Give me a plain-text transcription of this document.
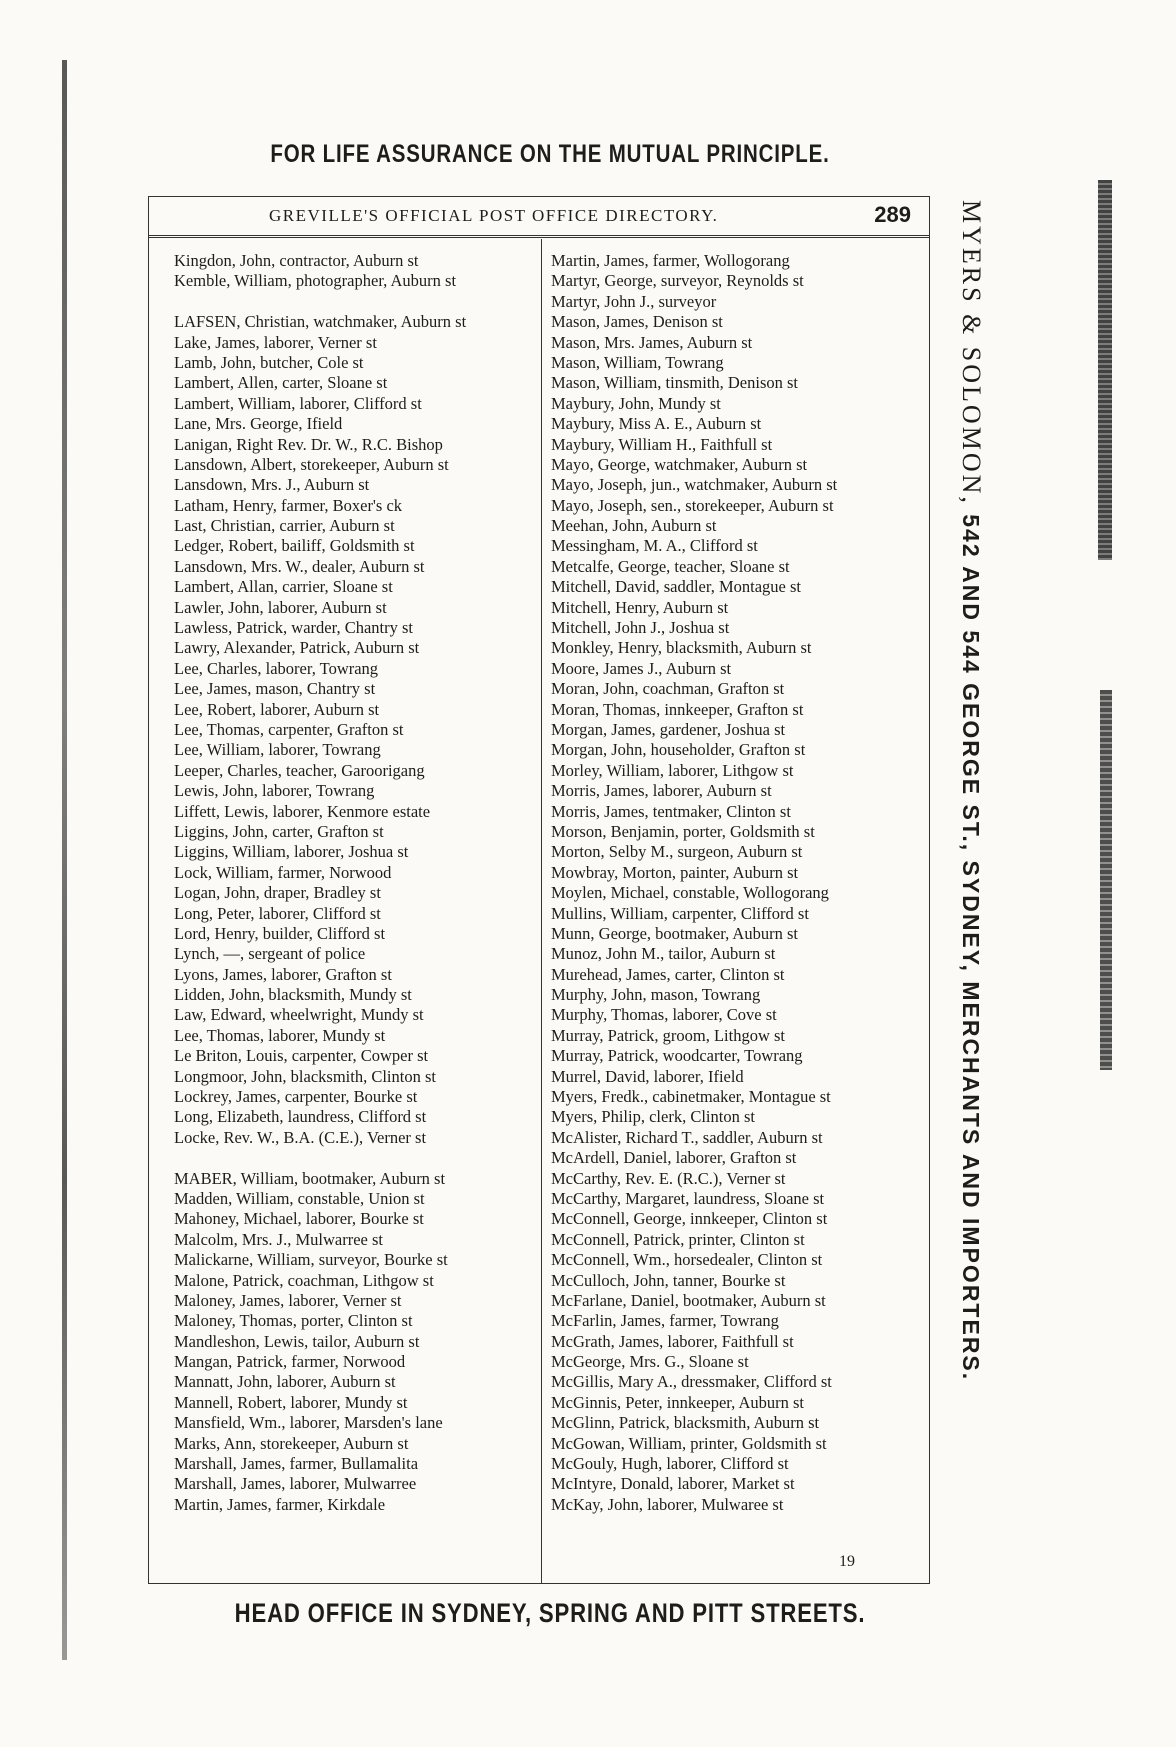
FOR LIFE ASSURANCE ON THE MUTUAL PRINCIPLE.
GREVILLE'S OFFICIAL POST OFFICE DIRECTORY.	289
Kingdon, John, contractor, Auburn st
Kemble, William, photographer, Auburn st
LAFSEN, Christian, watchmaker, Auburn st
Lake, James, laborer, Verner st
Lamb, John, butcher, Cole st
Lambert, Allen, carter, Sloane st
Lambert, William, laborer, Clifford st
Lane, Mrs. George, Ifield
Lanigan, Right Rev. Dr. W., R.C. Bishop
Lansdown, Albert, storekeeper, Auburn st
Lansdown, Mrs. J., Auburn st
Latham, Henry, farmer, Boxer's ck
Last, Christian, carrier, Auburn st
Ledger, Robert, bailiff, Goldsmith st
Lansdown, Mrs. W., dealer, Auburn st
Lambert, Allan, carrier, Sloane st
Lawler, John, laborer, Auburn st
Lawless, Patrick, warder, Chantry st
Lawry, Alexander, Patrick, Auburn st
Lee, Charles, laborer, Towrang
Lee, James, mason, Chantry st
Lee, Robert, laborer, Auburn st
Lee, Thomas, carpenter, Grafton st
Lee, William, laborer, Towrang
Leeper, Charles, teacher, Garoorigang
Lewis, John, laborer, Towrang
Liffett, Lewis, laborer, Kenmore estate
Liggins, John, carter, Grafton st
Liggins, William, laborer, Joshua st
Lock, William, farmer, Norwood
Logan, John, draper, Bradley st
Long, Peter, laborer, Clifford st
Lord, Henry, builder, Clifford st
Lynch, —, sergeant of police
Lyons, James, laborer, Grafton st
Lidden, John, blacksmith, Mundy st
Law, Edward, wheelwright, Mundy st
Lee, Thomas, laborer, Mundy st
Le Briton, Louis, carpenter, Cowper st
Longmoor, John, blacksmith, Clinton st
Lockrey, James, carpenter, Bourke st
Long, Elizabeth, laundress, Clifford st
Locke, Rev. W., B.A. (C.E.), Verner st
MABER, William, bootmaker, Auburn st
Madden, William, constable, Union st
Mahoney, Michael, laborer, Bourke st
Malcolm, Mrs. J., Mulwarree st
Malickarne, William, surveyor, Bourke st
Malone, Patrick, coachman, Lithgow st
Maloney, James, laborer, Verner st
Maloney, Thomas, porter, Clinton st
Mandleshon, Lewis, tailor, Auburn st
Mangan, Patrick, farmer, Norwood
Mannatt, John, laborer, Auburn st
Mannell, Robert, laborer, Mundy st
Mansfield, Wm., laborer, Marsden's lane
Marks, Ann, storekeeper, Auburn st
Marshall, James, farmer, Bullamalita
Marshall, James, laborer, Mulwarree
Martin, James, farmer, Kirkdale
Martin, James, farmer, Wollogorang
Martyr, George, surveyor, Reynolds st
Martyr, John J., surveyor
Mason, James, Denison st
Mason, Mrs. James, Auburn st
Mason, William, Towrang
Mason, William, tinsmith, Denison st
Maybury, John, Mundy st
Maybury, Miss A. E., Auburn st
Maybury, William H., Faithfull st
Mayo, George, watchmaker, Auburn st
Mayo, Joseph, jun., watchmaker, Auburn st
Mayo, Joseph, sen., storekeeper, Auburn st
Meehan, John, Auburn st
Messingham, M. A., Clifford st
Metcalfe, George, teacher, Sloane st
Mitchell, David, saddler, Montague st
Mitchell, Henry, Auburn st
Mitchell, John J., Joshua st
Monkley, Henry, blacksmith, Auburn st
Moore, James J., Auburn st
Moran, John, coachman, Grafton st
Moran, Thomas, innkeeper, Grafton st
Morgan, James, gardener, Joshua st
Morgan, John, householder, Grafton st
Morley, William, laborer, Lithgow st
Morris, James, laborer, Auburn st
Morris, James, tentmaker, Clinton st
Morson, Benjamin, porter, Goldsmith st
Morton, Selby M., surgeon, Auburn st
Mowbray, Morton, painter, Auburn st
Moylen, Michael, constable, Wollogorang
Mullins, William, carpenter, Clifford st
Munn, George, bootmaker, Auburn st
Munoz, John M., tailor, Auburn st
Murehead, James, carter, Clinton st
Murphy, John, mason, Towrang
Murphy, Thomas, laborer, Cove st
Murray, Patrick, groom, Lithgow st
Murray, Patrick, woodcarter, Towrang
Murrel, David, laborer, Ifield
Myers, Fredk., cabinetmaker, Montague st
Myers, Philip, clerk, Clinton st
McAlister, Richard T., saddler, Auburn st
McArdell, Daniel, laborer, Grafton st
McCarthy, Rev. E. (R.C.), Verner st
McCarthy, Margaret, laundress, Sloane st
McConnell, George, innkeeper, Clinton st
McConnell, Patrick, printer, Clinton st
McConnell, Wm., horsedealer, Clinton st
McCulloch, John, tanner, Bourke st
McFarlane, Daniel, bootmaker, Auburn st
McFarlin, James, farmer, Towrang
McGrath, James, laborer, Faithfull st
McGeorge, Mrs. G., Sloane st
McGillis, Mary A., dressmaker, Clifford st
McGinnis, Peter, innkeeper, Auburn st
McGlinn, Patrick, blacksmith, Auburn st
McGowan, William, printer, Goldsmith st
McGouly, Hugh, laborer, Clifford st
McIntyre, Donald, laborer, Market st
McKay, John, laborer, Mulwaree st
19
MYERS & SOLOMON, 542 AND 544 GEORGE ST., SYDNEY, MERCHANTS AND IMPORTERS.
HEAD OFFICE IN SYDNEY, SPRING AND PITT STREETS.
